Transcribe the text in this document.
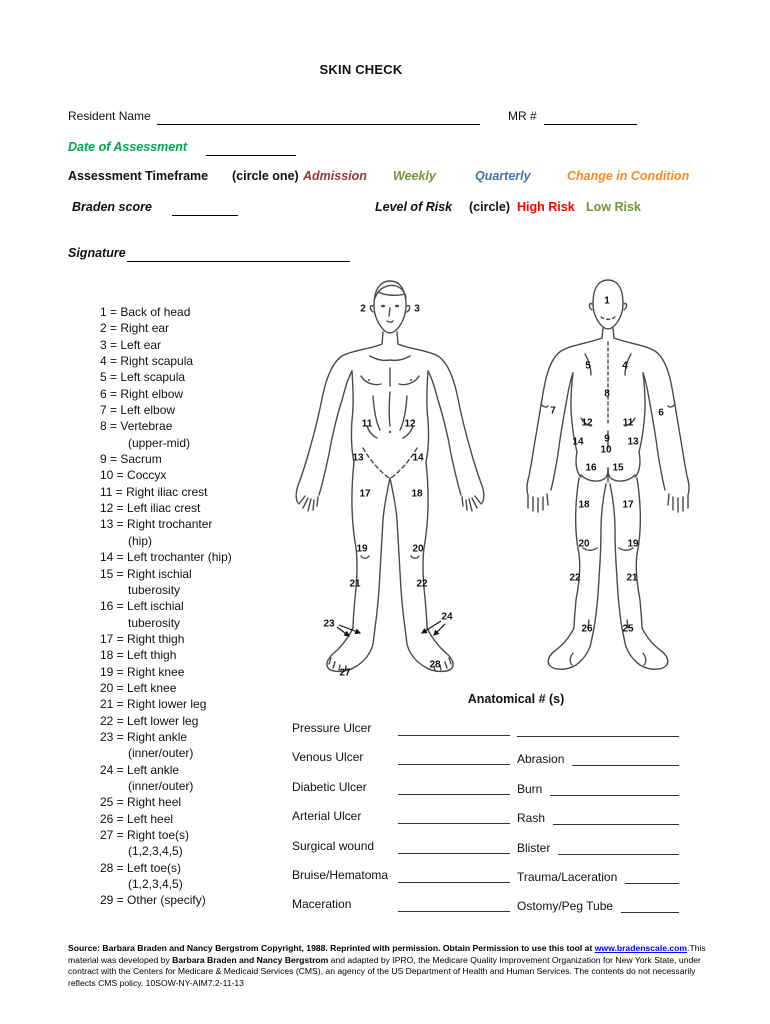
SKIN CHECK
Resident Name	MR #
Date of Assessment
Assessment Timeframe (circle one) Admission Weekly	Quarterly	Change in Condition
Braden score	Level of Risk (circle) High Risk Low Risk
Signature
1 = Back of head
2 = Right ear
3 = Left ear
4 = Right scapula
5 = Left scapula
6 = Right elbow
7 = Left elbow
8 = Vertebrae
(upper-mid)
9 = Sacrum
10 = Coccyx
11 = Right iliac crest
12 = Left iliac crest
13 = Right trochanter
(hip)
14 = Left trochanter (hip)
15 = Right ischial
tuberosity
16 = Left ischial
tuberosity
17 = Right thigh
18 = Left thigh
19 = Right knee
20 = Left knee
21 = Right lower leg
22 = Left lower leg
23 = Right ankle
(inner/outer)
24 = Left ankle
(inner/outer)
25 = Right heel
26 = Left heel
27 = Right toe(s)
(1,2,3,4,5)
28 = Left toe(s)
(1,2,3,4,5)
29 = Other (specify)
2	3
11	12
13	14
17	18
19	20
21	22
23
24
27
28
1
5	4
8
7	6
12	11
9
10
14	13
16 15
18	17
20	19
22	21
26	25
Anatomical # (s)
Pressure Ulcer
Venous Ulcer	Abrasion
Diabetic Ulcer	Burn
Arterial Ulcer	Rash
Surgical wound	Blister
Bruise/Hematoma	Trauma/Laceration
Maceration	Ostomy/Peg Tube
Source: Barbara Braden and Nancy Bergstrom Copyright, 1988. Reprinted with permission. Obtain Permission to use this tool at www.bradenscale.com.This material was developed by Barbara Braden and Nancy Bergstrom and adapted by IPRO, the Medicare Quality Improvement Organization for New York State, under contract with the Centers for Medicare & Medicaid Services (CMS), an agency of the US Department of Health and Human Services. The contents do not necessarily reflects CMS policy. 10SOW-NY-AIM7.2-11-13
